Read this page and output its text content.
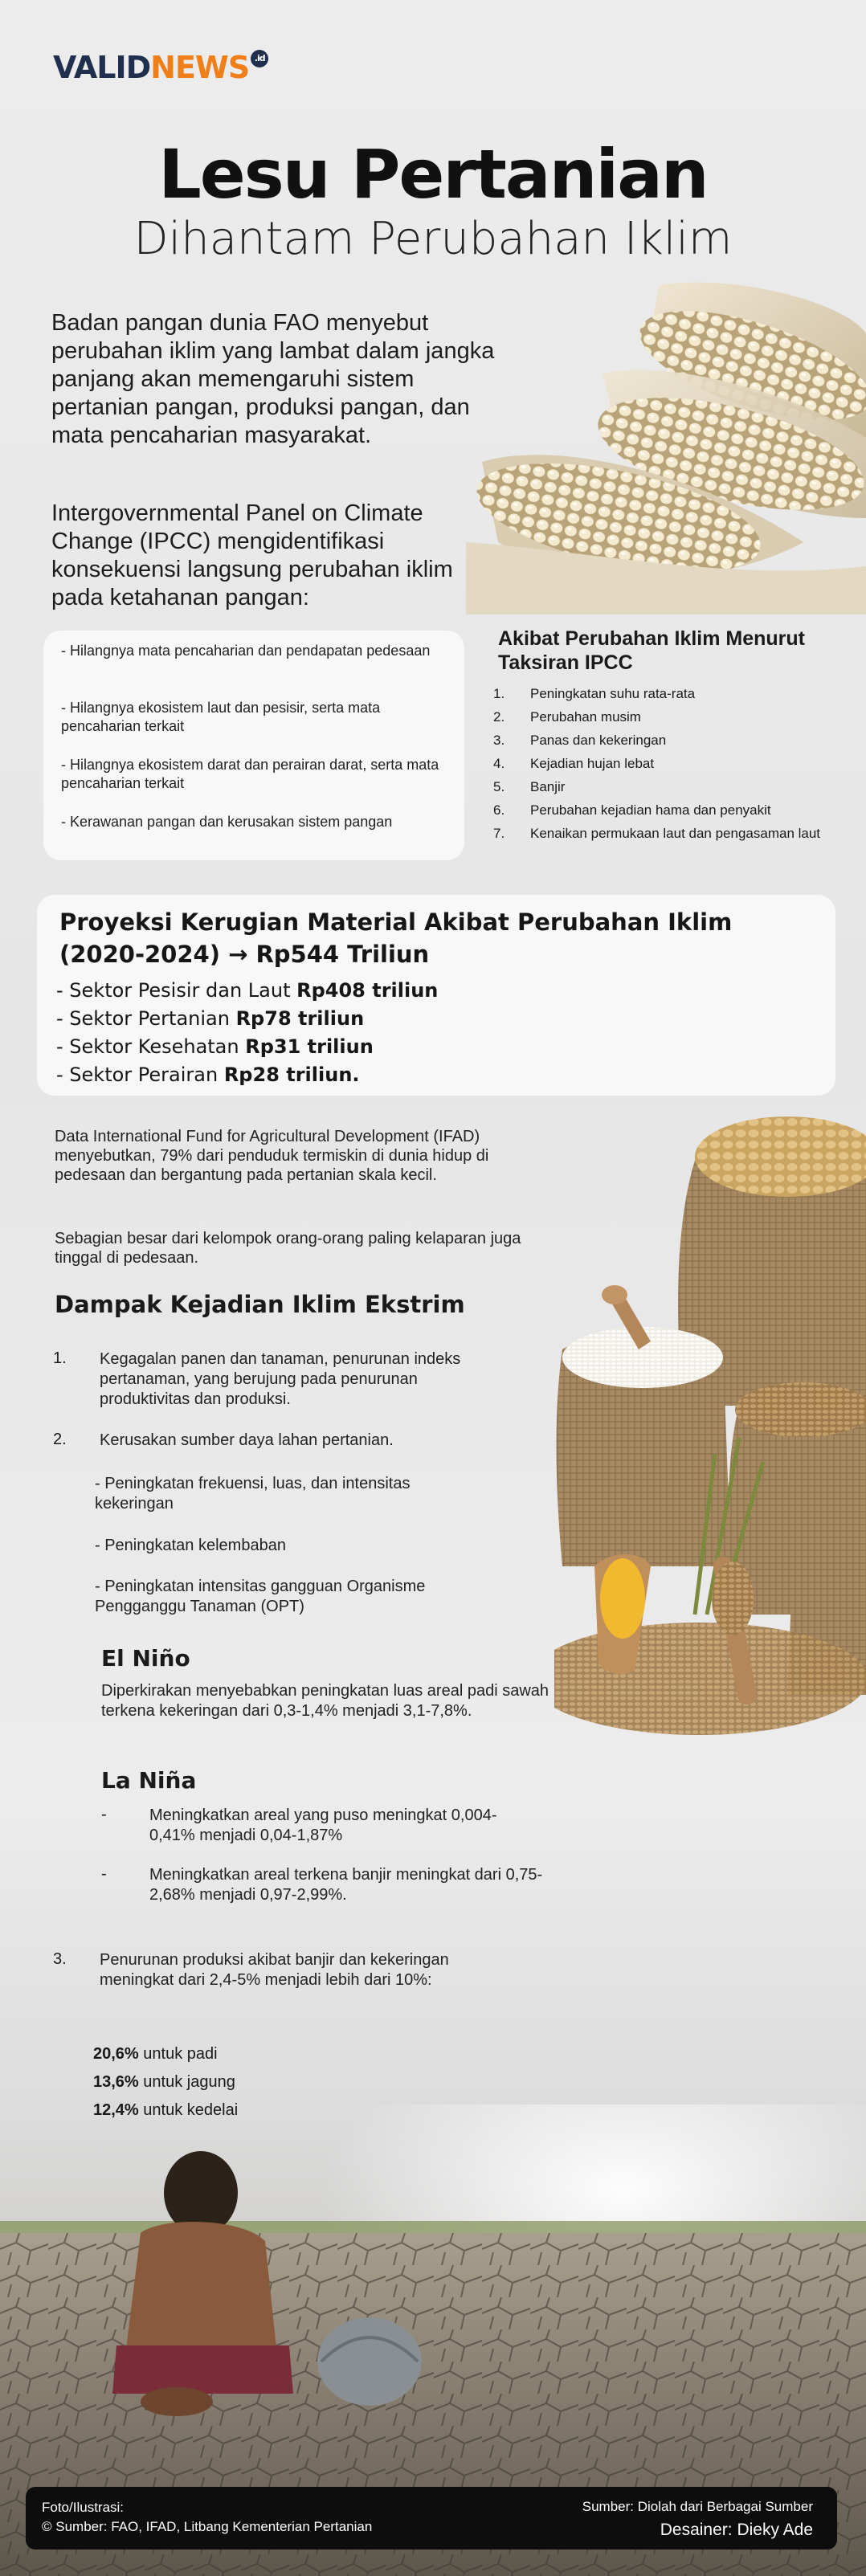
VALIDNEWS .id
Lesu Pertanian
Dihantam Perubahan Iklim
Badan pangan dunia FAO menyebut perubahan iklim yang lambat dalam jangka panjang akan memengaruhi sistem pertanian pangan, produksi pangan, dan mata pencaharian masyarakat.
Intergovernmental Panel on Climate Change (IPCC) mengidentifikasi konsekuensi langsung perubahan iklim pada ketahanan pangan:

- Hilangnya mata pencaharian dan pendapatan pedesaan

- Hilangnya ekosistem laut dan pesisir, serta mata pencaharian terkait

- Hilangnya ekosistem darat dan perairan darat, serta mata pencaharian terkait

- Kerawanan pangan dan kerusakan sistem pangan

Akibat Perubahan Iklim Menurut Taksiran IPCC
1. Peningkatan suhu rata-rata
2. Perubahan musim
3. Panas dan kekeringan
4. Kejadian hujan lebat
5. Banjir
6. Perubahan kejadian hama dan penyakit
7. Kenaikan permukaan laut dan pengasaman laut
Proyeksi Kerugian Material Akibat Perubahan Iklim (2020-2024) → Rp544 Triliun
- Sektor Pesisir dan Laut Rp408 triliun
- Sektor Pertanian Rp78 triliun
- Sektor Kesehatan Rp31 triliun
- Sektor Perairan Rp28 triliun.
Data International Fund for Agricultural Development (IFAD) menyebutkan, 79% dari penduduk termiskin di dunia hidup di pedesaan dan bergantung pada pertanian skala kecil.
Sebagian besar dari kelompok orang-orang paling kelaparan juga tinggal di pedesaan.
Dampak Kejadian Iklim Ekstrim
1. Kegagalan panen dan tanaman, penurunan indeks pertanaman, yang berujung pada penurunan produktivitas dan produksi.
2. Kerusakan sumber daya lahan pertanian.
- Peningkatan frekuensi, luas, dan intensitas kekeringan
- Peningkatan kelembaban
- Peningkatan intensitas gangguan Organisme Pengganggu Tanaman (OPT)
El Niño
Diperkirakan menyebabkan peningkatan luas areal padi sawah terkena kekeringan dari 0,3-1,4% menjadi 3,1-7,8%.
La Niña
-	Meningkatkan areal yang puso meningkat 0,004-0,41% menjadi 0,04-1,87%
-	Meningkatkan areal terkena banjir meningkat dari 0,75-2,68% menjadi 0,97-2,99%.
3. Penurunan produksi akibat banjir dan kekeringan meningkat dari 2,4-5% menjadi lebih dari 10%:
20,6% untuk padi
13,6% untuk jagung
Foto/Ilustrasi:
© Sumber: FAO, IFAD, Litbang Kementerian Pertanian
Sumber: Diolah dari Berbagai Sumber
Desainer: Dieky Ade
